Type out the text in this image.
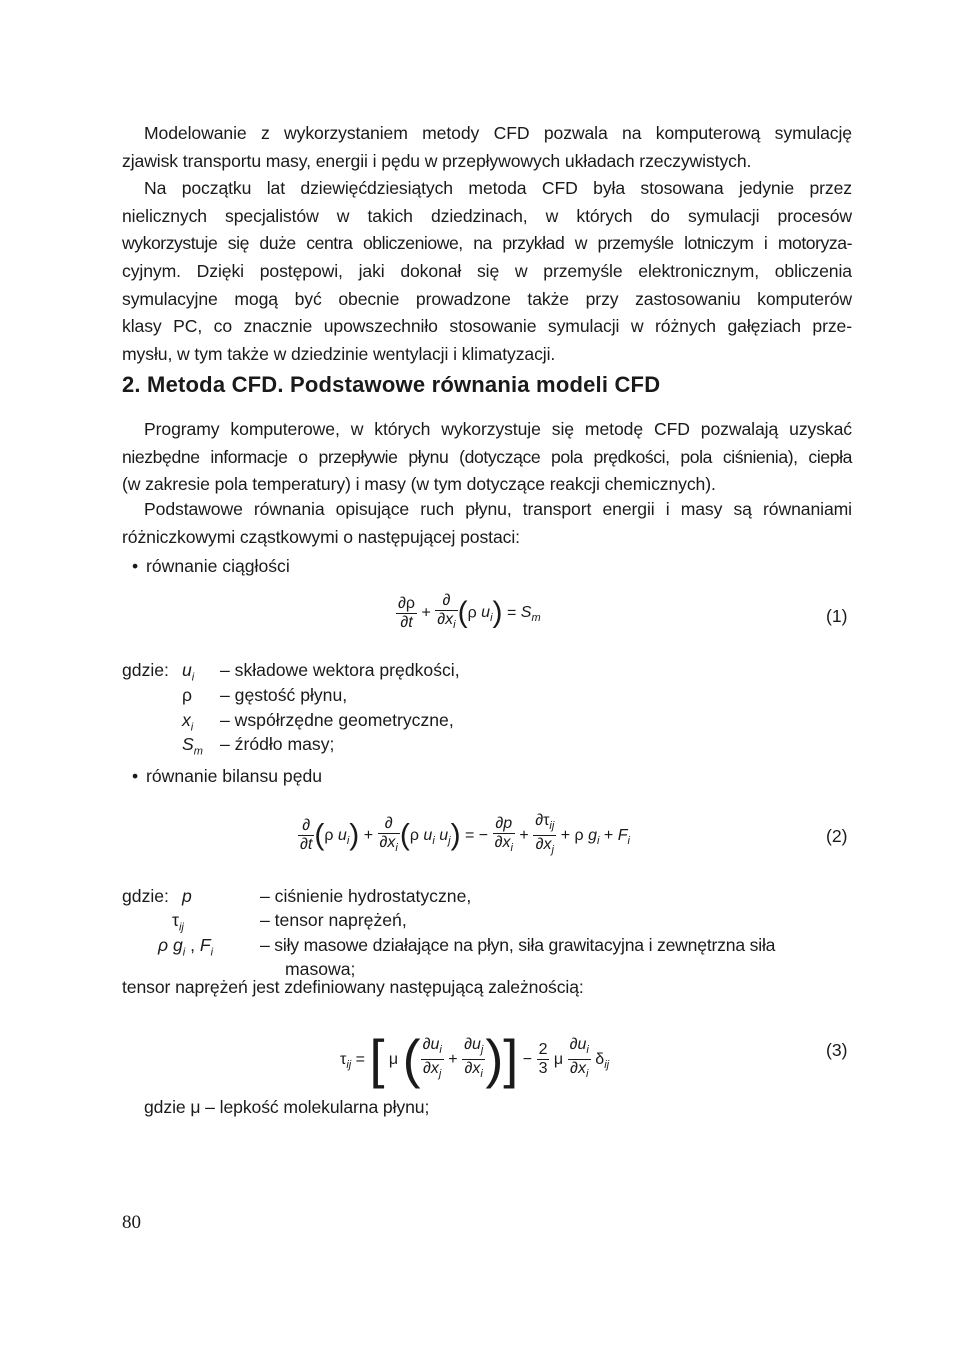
Modelowanie z wykorzystaniem metody CFD pozwala na komputerową symulację
zjawisk transportu masy, energii i pędu w przepływowych układach rzeczywistych.
Na początku lat dziewięćdziesiątych metoda CFD była stosowana jedynie przez
nielicznych specjalistów w takich dziedzinach, w których do symulacji procesów
wykorzystuje się duże centra obliczeniowe, na przykład w przemyśle lotniczym i motoryza-
cyjnym. Dzięki postępowi, jaki dokonał się w przemyśle elektronicznym, obliczenia
symulacyjne mogą być obecnie prowadzone także przy zastosowaniu komputerów
klasy PC, co znacznie upowszechniło stosowanie symulacji w różnych gałęziach prze-
mysłu, w tym także w dziedzinie wentylacji i klimatyzacji.
2. Metoda CFD. Podstawowe równania modeli CFD
Programy komputerowe, w których wykorzystuje się metodę CFD pozwalają uzyskać
niezbędne informacje o przepływie płynu (dotyczące pola prędkości, pola ciśnienia), ciepła
(w zakresie pola temperatury) i masy (w tym dotyczące reakcji chemicznych).
Podstawowe równania opisujące ruch płynu, transport energii i masy są równaniami
różniczkowymi cząstkowymi o następującej postaci:
• równanie ciągłości
$\frac{\partial\rho}{\partial t} + \frac{\partial}{\partial x_i} (\rho$ $u_i) = S_m$	(1)
gdzie: $u_i$ – składowe wektora prędkości,
ρ – gęstość płynu,
$x_i$ – współrzędne geometryczne,
$S_m$ – źródło masy;
• równanie bilansu pędu
$\frac{\partial}{\partial t} (\rho$ $u_i) + \frac{\partial}{\partial x_i} (\rho$ $u_i$ $u_j$) = − $\frac{\partial p}{\partial x_i} + \frac{\partial\tau_{ij}}{\partial x_j} + \rho$ $g_i + F_i$	(2)
gdzie: p	– ciśnienie hydrostatyczne,
$\tau_{ij}$	– tensor naprężeń,
ρ $g_i$ , $F_i$	– siły masowe działające na płyn, siła grawitacyjna i zewnętrzna siła
masowa;
tensor naprężeń jest zdefiniowany następującą zależnością:
$\tau_{ij}$ = [ μ ( $\frac{\partial u_i}{\partial x_j} + \frac{\partial u_j}{\partial x_i}$ )] − $\frac{2}{3}$ μ $\frac{\partial u_i}{\partial x_i} \delta_{ij}$
(3)
gdzie μ – lepkość molekularna płynu;
80
